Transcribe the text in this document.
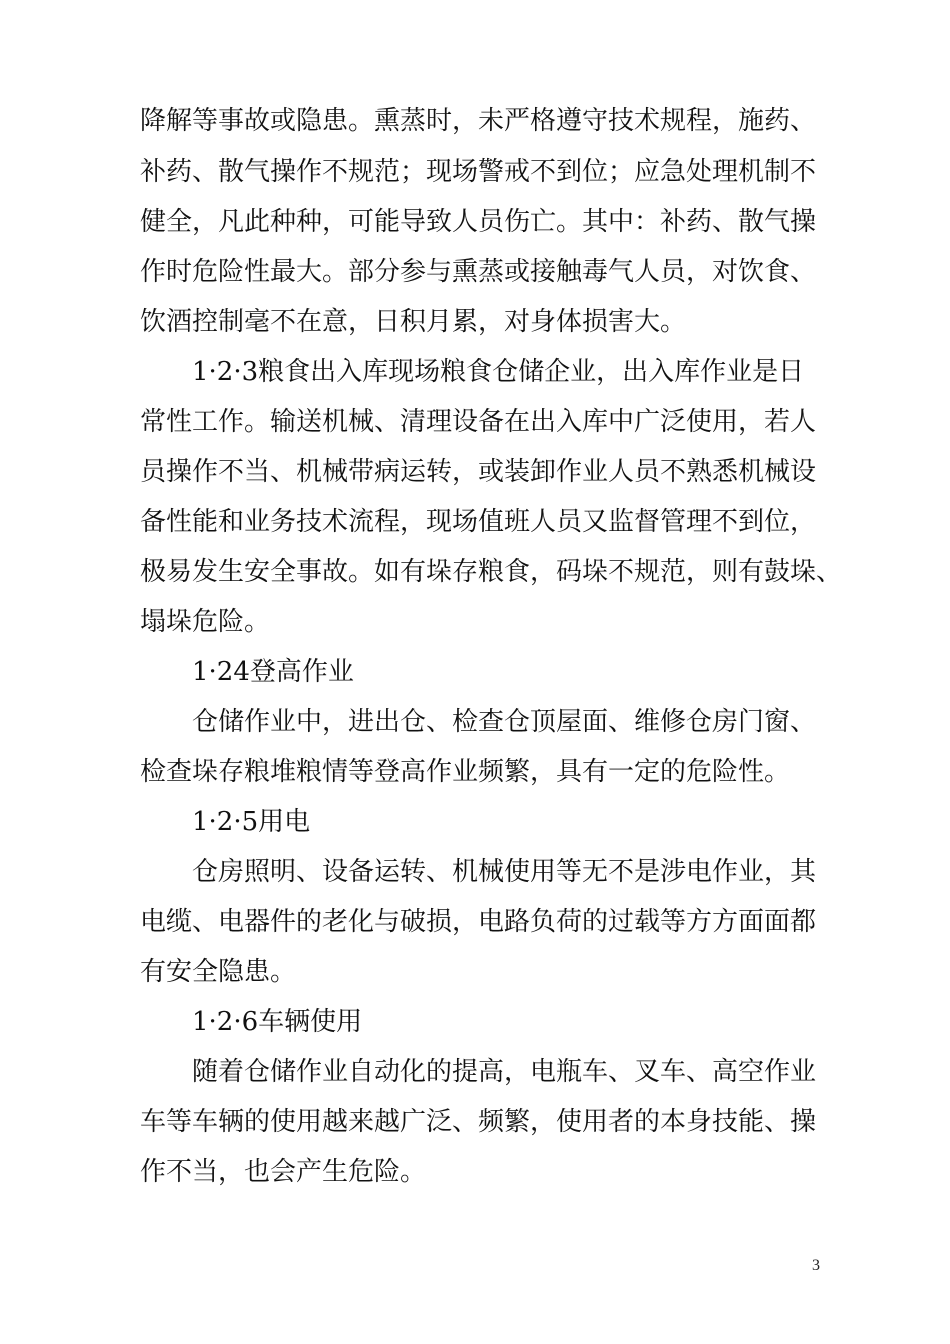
降解等事故或隐患。熏蒸时，未严格遵守技术规程，施药、
补药、散气操作不规范；现场警戒不到位；应急处理机制不
健全，凡此种种，可能导致人员伤亡。其中：补药、散气操
作时危险性最大。部分参与熏蒸或接触毒气人员，对饮食、
饮酒控制毫不在意，日积月累，对身体损害大。
1·2·3粮食出入库现场粮食仓储企业，出入库作业是日
常性工作。输送机械、清理设备在出入库中广泛使用，若人
员操作不当、机械带病运转，或装卸作业人员不熟悉机械设
备性能和业务技术流程，现场值班人员又监督管理不到位，
极易发生安全事故。如有垛存粮食，码垛不规范，则有鼓垛、
塌垛危险。
1·24登高作业
仓储作业中，进出仓、检查仓顶屋面、维修仓房门窗、
检查垛存粮堆粮情等登高作业频繁，具有一定的危险性。
1·2·5用电
仓房照明、设备运转、机械使用等无不是涉电作业，其
电缆、电器件的老化与破损，电路负荷的过载等方方面面都
有安全隐患。
1·2·6车辆使用
随着仓储作业自动化的提高，电瓶车、叉车、高空作业
车等车辆的使用越来越广泛、频繁，使用者的本身技能、操
作不当，也会产生危险。
3
